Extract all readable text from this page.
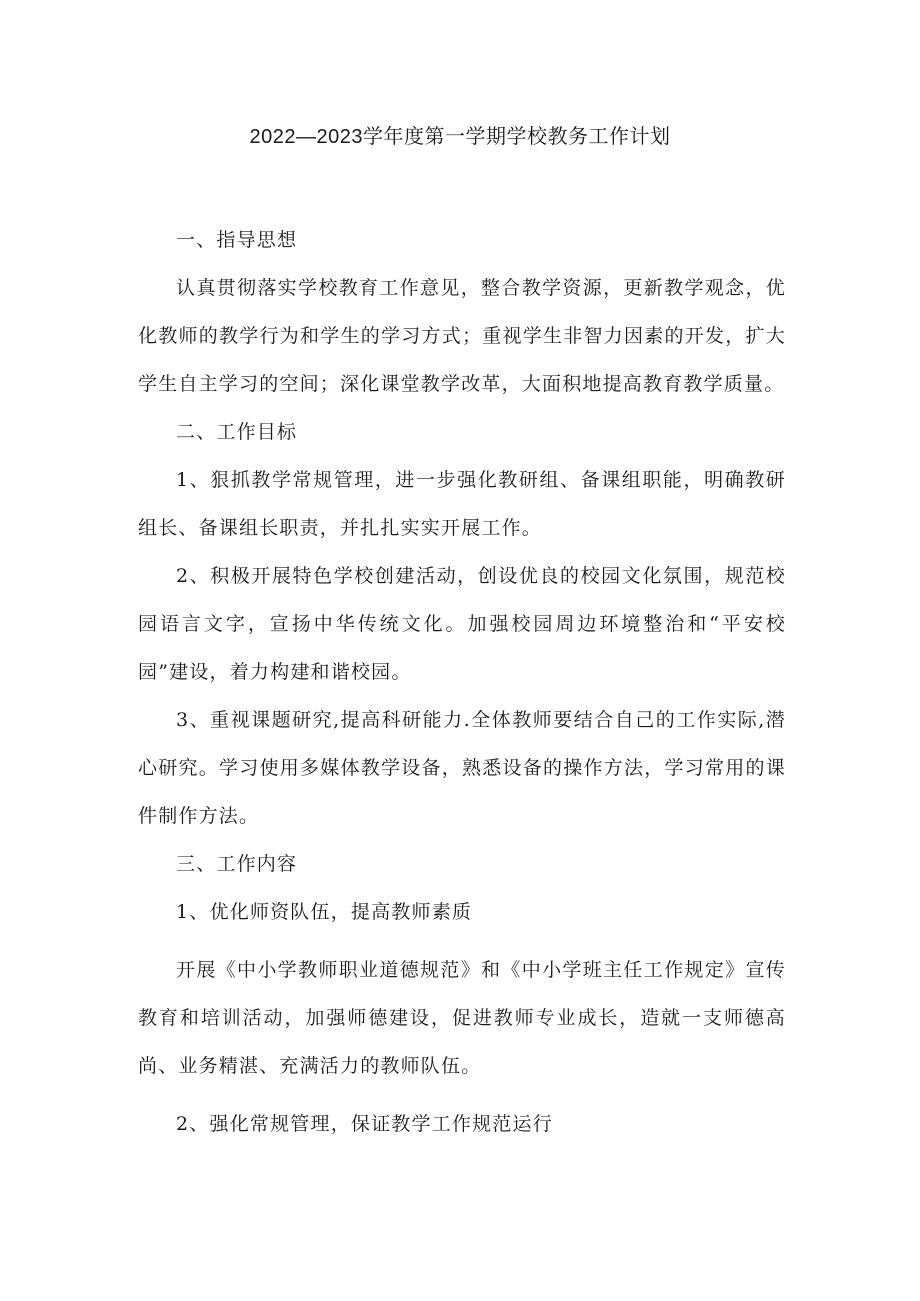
2022—2023学年度第一学期学校教务工作计划

一、指导思想

认真贯彻落实学校教育工作意见，整合教学资源，更新教学观念，优化教师的教学行为和学生的学习方式；重视学生非智力因素的开发，扩大学生自主学习的空间；深化课堂教学改革，大面积地提高教育教学质量。

二、工作目标

1、狠抓教学常规管理，进一步强化教研组、备课组职能，明确教研组长、备课组长职责，并扎扎实实开展工作。

2、积极开展特色学校创建活动，创设优良的校园文化氛围，规范校园语言文字，宣扬中华传统文化。加强校园周边环境整治和“平安校园”建设，着力构建和谐校园。

3、重视课题研究,提高科研能力.全体教师要结合自己的工作实际,潜心研究。学习使用多媒体教学设备，熟悉设备的操作方法，学习常用的课件制作方法。

三、工作内容

1、优化师资队伍，提高教师素质

开展《中小学教师职业道德规范》和《中小学班主任工作规定》宣传教育和培训活动，加强师德建设，促进教师专业成长，造就一支师德高尚、业务精湛、充满活力的教师队伍。

2、强化常规管理，保证教学工作规范运行
